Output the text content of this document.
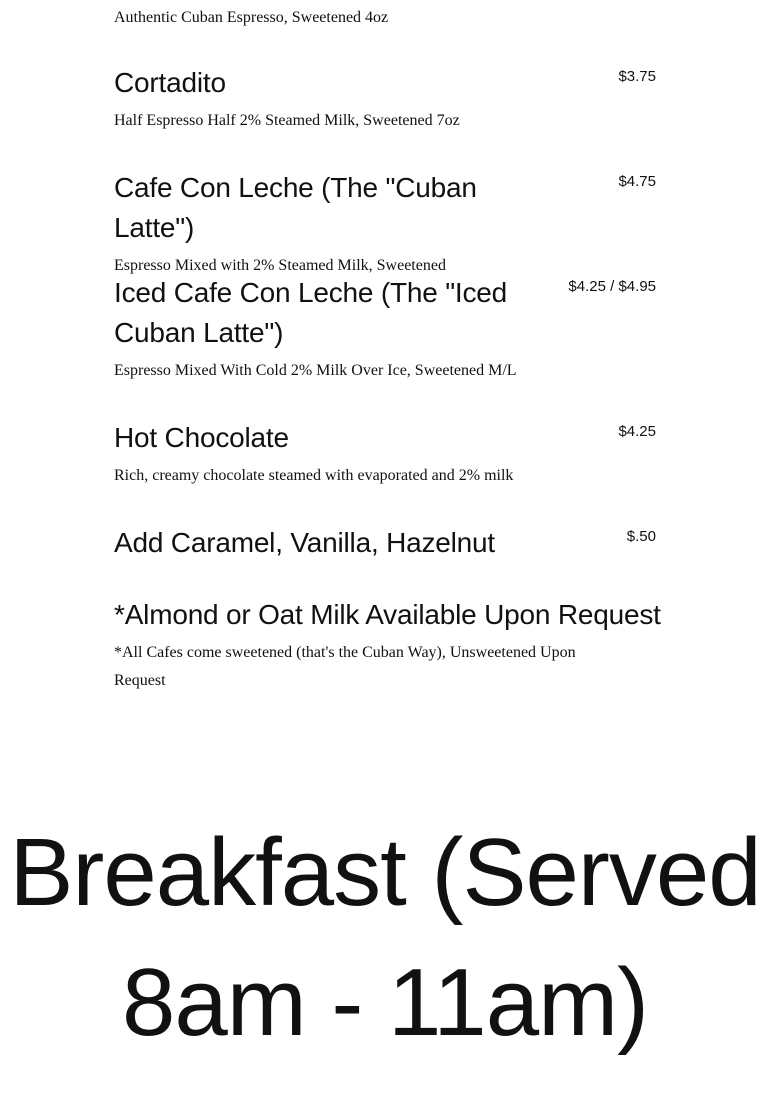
Authentic Cuban Espresso, Sweetened 4oz
Cortadito
Half Espresso Half 2% Steamed Milk, Sweetened 7oz
$3.75
Cafe Con Leche (The "Cuban Latte")
Espresso Mixed with 2% Steamed Milk, Sweetened
$4.75
Iced Cafe Con Leche (The "Iced Cuban Latte")
Espresso Mixed With Cold 2% Milk Over Ice, Sweetened M/L
$4.25 / $4.95
Hot Chocolate
Rich, creamy chocolate steamed with evaporated and 2% milk
$4.25
Add Caramel, Vanilla, Hazelnut	$.50
*Almond or Oat Milk Available Upon Request
*All Cafes come sweetened (that's the Cuban Way), Unsweetened Upon Request
Breakfast (Served 8am - 11am)
